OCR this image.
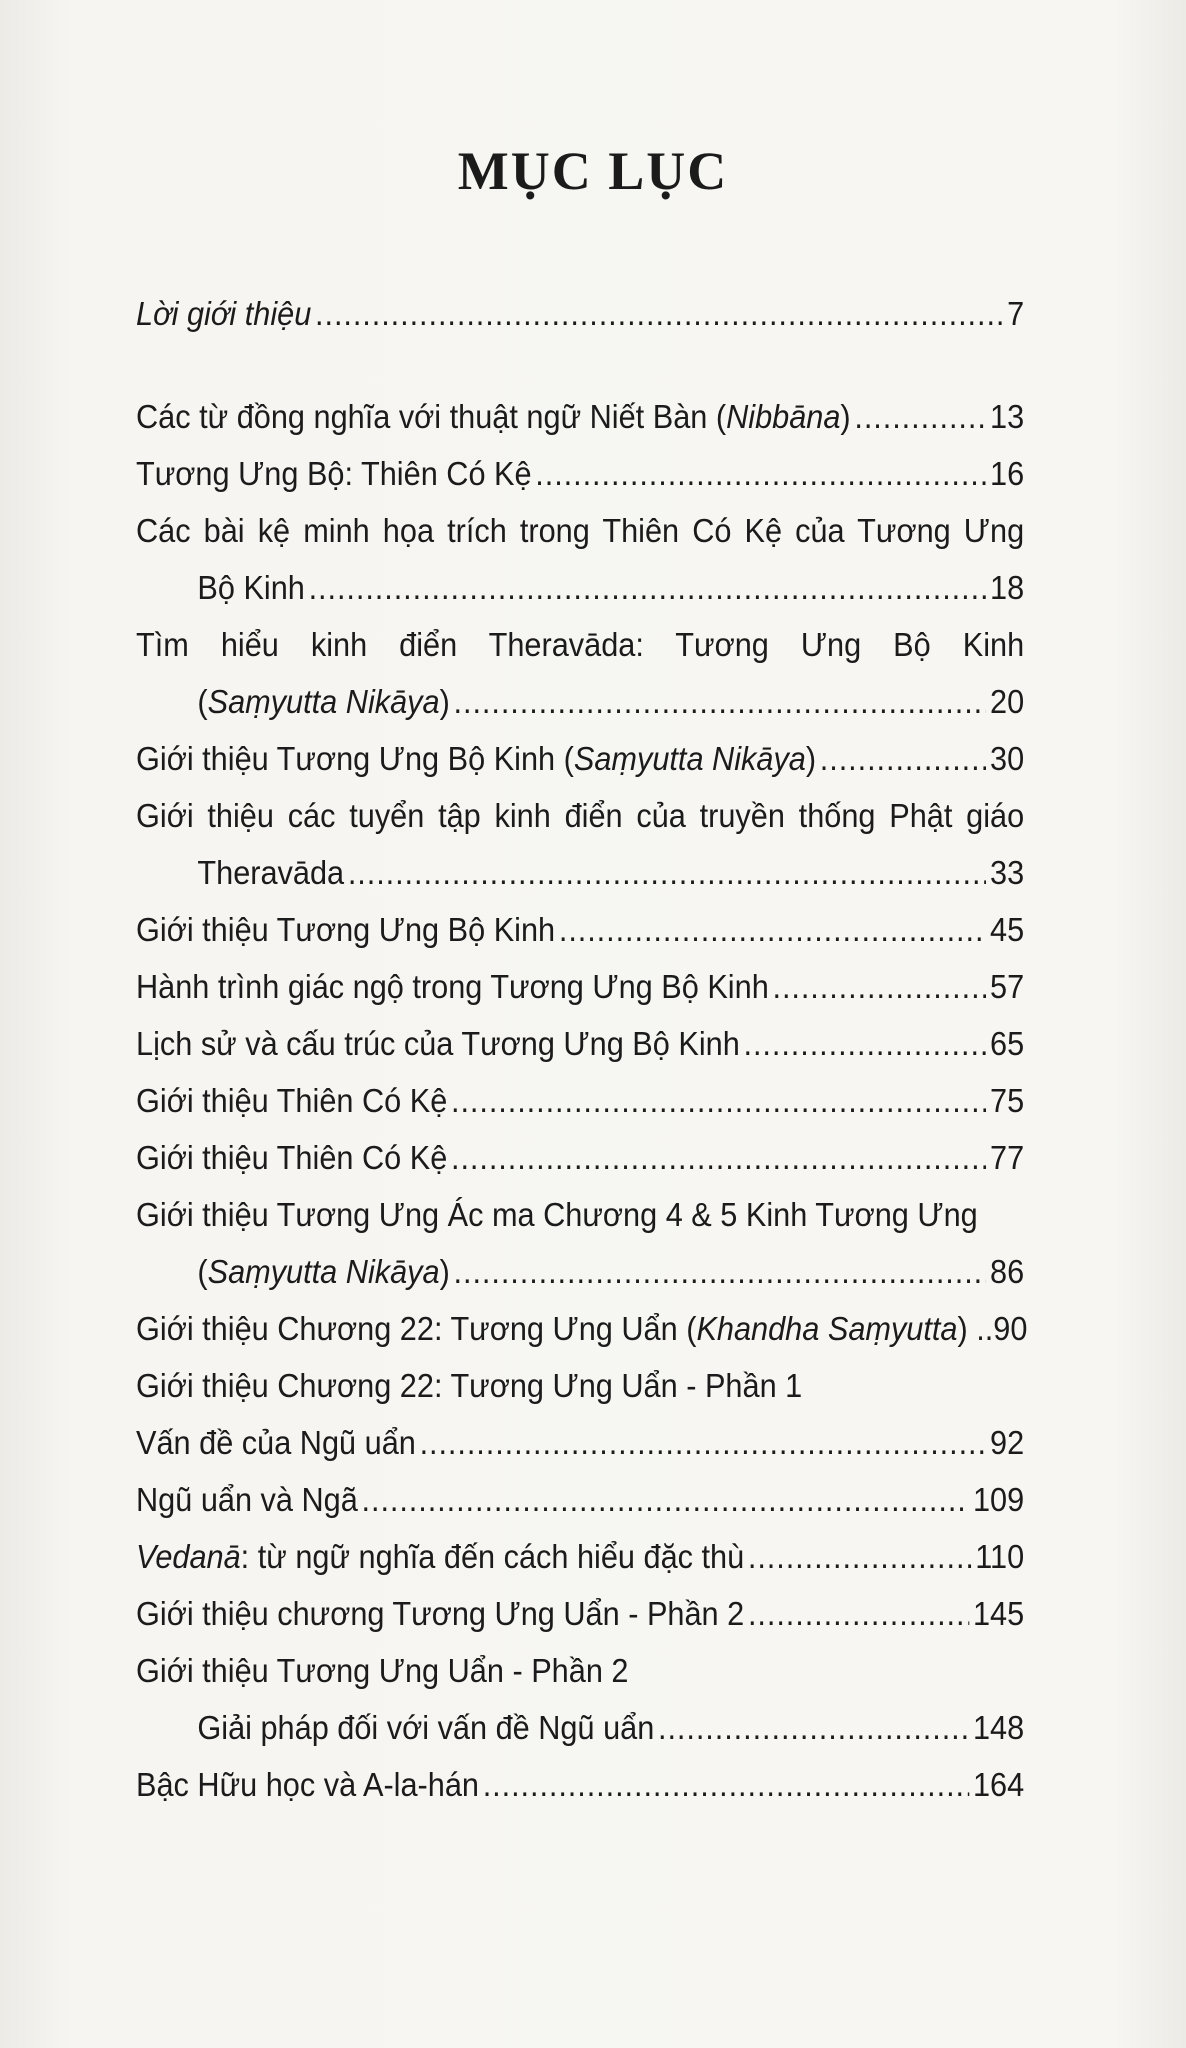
MỤC LỤC
Lời giới thiệu .....	7
Các từ đồng nghĩa với thuật ngữ Niết Bàn (Nibbāna) .....	13
Tương Ưng Bộ: Thiên Có Kệ .....	16
Các bài kệ minh họa trích trong Thiên Có Kệ của Tương Ưng
Bộ Kinh .....	18
Tìm hiểu kinh điển Theravāda: Tương Ưng Bộ Kinh
(Saṃyutta Nikāya) .....	20
Giới thiệu Tương Ưng Bộ Kinh (Saṃyutta Nikāya) .....	30
Giới thiệu các tuyển tập kinh điển của truyền thống Phật giáo
Theravāda .....	33
Giới thiệu Tương Ưng Bộ Kinh .....	45
Hành trình giác ngộ trong Tương Ưng Bộ Kinh .....	57
Lịch sử và cấu trúc của Tương Ưng Bộ Kinh .....	65
Giới thiệu Thiên Có Kệ .....	75
Giới thiệu Thiên Có Kệ .....	77
Giới thiệu Tương Ưng Ác ma Chương 4 & 5 Kinh Tương Ưng
(Saṃyutta Nikāya) .....	86
Giới thiệu Chương 22: Tương Ưng Uẩn (Khandha Saṃyutta) .. 90
Giới thiệu Chương 22: Tương Ưng Uẩn - Phần 1
Vấn đề của Ngũ uẩn .....	92
Ngũ uẩn và Ngã .....	109
Vedanā: từ ngữ nghĩa đến cách hiểu đặc thù .....	110
Giới thiệu chương Tương Ưng Uẩn - Phần 2 .....	145
Giới thiệu Tương Ưng Uẩn - Phần 2
Giải pháp đối với vấn đề Ngũ uẩn .....	148
Bậc Hữu học và A-la-hán .....	164
